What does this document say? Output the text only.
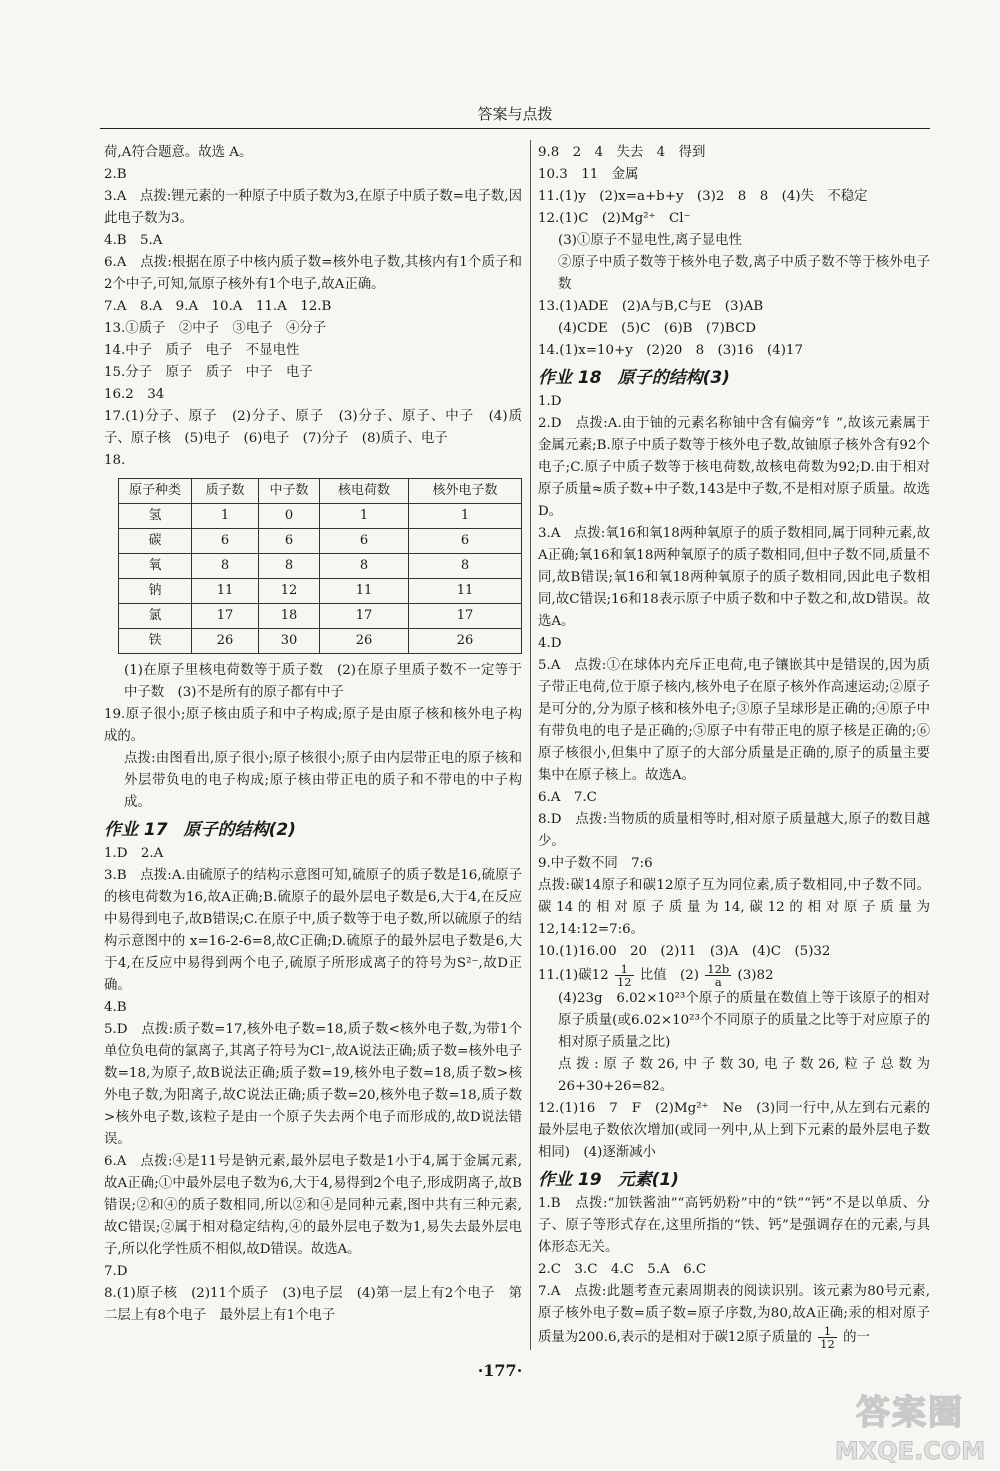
答案与点拨

荷,A符合题意。故选 A。

2.B

3.A　点拨:锂元素的一种原子中质子数为3,在原子中质子数=电子数,因此电子数为3。

4.B　5.A

6.A　点拨:根据在原子中核内质子数=核外电子数,其核内有1个质子和2个中子,可知,氚原子核外有1个电子,故A正确。

7.A　8.A　9.A　10.A　11.A　12.B

13.①质子　②中子　③电子　④分子

14.中子　质子　电子　不显电性

15.分子　原子　质子　中子　电子

16.2　34

17.(1)分子、原子　(2)分子、原子　(3)分子、原子、中子　(4)质子、原子核　(5)电子　(6)电子　(7)分子　(8)质子、电子

18.

原子种类	质子数	中子数	核电荷数	核外电子数
氢	1	0	1	1
碳	6	6	6	6
氧	8	8	8	8
钠	11	12	11	11
氯	17	18	17	17
铁	26	30	26	26

(1)在原子里核电荷数等于质子数　(2)在原子里质子数不一定等于中子数　(3)不是所有的原子都有中子

19.原子很小;原子核由质子和中子构成;原子是由原子核和核外电子构成的。

点拨:由图看出,原子很小;原子核很小;原子由内层带正电的原子核和外层带负电的电子构成;原子核由带正电的质子和不带电的中子构成。

作业 17 原子的结构(2)

1.D　2.A

3.B　点拨:A.由硫原子的结构示意图可知,硫原子的质子数是16,硫原子的核电荷数为16,故A正确;B.硫原子的最外层电子数是6,大于4,在反应中易得到电子,故B错误;C.在原子中,质子数等于电子数,所以硫原子的结构示意图中的 x=16-2-6=8,故C正确;D.硫原子的最外层电子数是6,大于4,在反应中易得到两个电子,硫原子所形成离子的符号为S²⁻,故D正确。

4.B

5.D　点拨:质子数=17,核外电子数=18,质子数<核外电子数,为带1个单位负电荷的氯离子,其离子符号为Cl⁻,故A说法正确;质子数=核外电子数=18,为原子,故B说法正确;质子数=19,核外电子数=18,质子数>核外电子数,为阳离子,故C说法正确;质子数=20,核外电子数=18,质子数>核外电子数,该粒子是由一个原子失去两个电子而形成的,故D说法错误。

6.A　点拨:④是11号是钠元素,最外层电子数是1小于4,属于金属元素,故A正确;①中最外层电子数为6,大于4,易得到2个电子,形成阴离子,故B错误;②和④的质子数相同,所以②和④是同种元素,图中共有三种元素,故C错误;②属于相对稳定结构,④的最外层电子数为1,易失去最外层电子,所以化学性质不相似,故D错误。故选A。

7.D

8.(1)原子核　(2)11个质子　(3)电子层　(4)第一层上有2个电子　第二层上有8个电子　最外层上有1个电子

9.8　2　4　失去　4　得到

10.3　11　金属

11.(1)y　(2)x=a+b+y　(3)2　8　8　(4)失　不稳定

12.(1)C　(2)Mg²⁺　Cl⁻

(3)①原子不显电性,离子显电性

②原子中质子数等于核外电子数,离子中质子数不等于核外电子数

13.(1)ADE　(2)A与B,C与E　(3)AB

(4)CDE　(5)C　(6)B　(7)BCD

14.(1)x=10+y　(2)20　8　(3)16　(4)17

作业 18 原子的结构(3)

1.D

2.D　点拨:A.由于铀的元素名称铀中含有偏旁“钅”,故该元素属于金属元素;B.原子中质子数等于核外电子数,故铀原子核外含有92个电子;C.原子中质子数等于核电荷数,故核电荷数为92;D.由于相对原子质量≈质子数+中子数,143是中子数,不是相对原子质量。故选D。

3.A　点拨:氧16和氧18两种氧原子的质子数相同,属于同种元素,故A正确;氧16和氧18两种氧原子的质子数相同,但中子数不同,质量不同,故B错误;氧16和氧18两种氧原子的质子数相同,因此电子数相同,故C错误;16和18表示原子中质子数和中子数之和,故D错误。故选A。

4.D

5.A　点拨:①在球体内充斥正电荷,电子镶嵌其中是错误的,因为质子带正电荷,位于原子核内,核外电子在原子核外作高速运动;②原子是可分的,分为原子核和核外电子;③原子呈球形是正确的;④原子中有带负电的电子是正确的;⑤原子中有带正电的原子核是正确的;⑥原子核很小,但集中了原子的大部分质量是正确的,原子的质量主要集中在原子核上。故选A。

6.A　7.C

8.D　点拨:当物质的质量相等时,相对原子质量越大,原子的数目越少。

9.中子数不同　7:6

点拨:碳14原子和碳12原子互为同位素,质子数相同,中子数不同。碳14的相对原子质量为14,碳12的相对原子质量为12,14:12=7:6。

10.(1)16.00　20　(2)11　(3)A　(4)C　(5)32

11.(1)碳$12 \frac{1}{12}$ 比值　$(2) \frac{12b}{a} (3)82$

(4)23g　6.02×10²³个原子的质量在数值上等于该原子的相对原子质量(或6.02×10²³个不同原子的质量之比等于对应原子的相对原子质量之比)

点拨:原子数26,中子数30,电子数26,粒子总数为26+30+26=82。

12.(1)16　7　F　(2)Mg²⁺　Ne　(3)同一行中,从左到右元素的最外层电子数依次增加(或同一列中,从上到下元素的最外层电子数相同)　(4)逐渐减小

作业 19 元素(1)

1.B　点拨:“加铁酱油”“高钙奶粉”中的“铁”“钙”不是以单质、分子、原子等形式存在,这里所指的“铁、钙”是强调存在的元素,与具体形态无关。

2.C　3.C　4.C　5.A　6.C

7.A　点拨:此题考查元素周期表的阅读识别。该元素为80号元素,原子核外电子数=质子数=原子序数,为80,故A正确;汞的相对原子质量为200.6,表示的是相对于碳12原子质量的 $\frac{1}{12}$ 的一

·177·
答案圈
MXQE.COM
